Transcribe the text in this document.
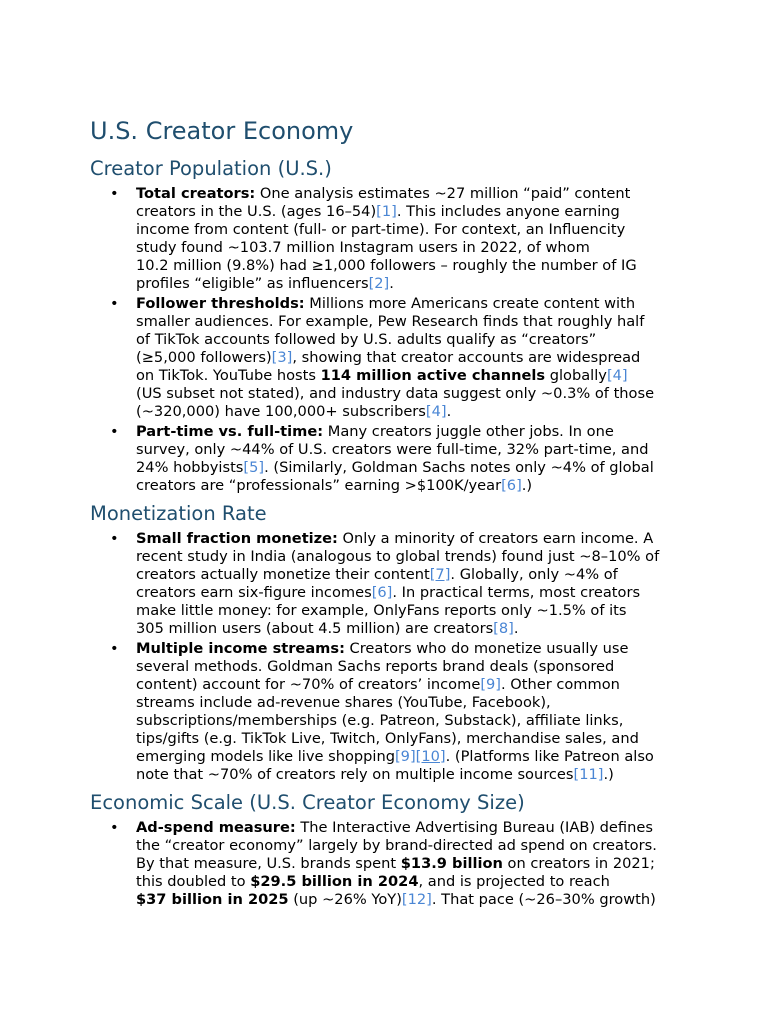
U.S. Creator Economy
Creator Population (U.S.)
• Total creators: One analysis estimates ~27 million “paid” content
creators in the U.S. (ages 16–54)[1]. This includes anyone earning
income from content (full- or part-time). For context, an Influencity
study found ~103.7 million Instagram users in 2022, of whom
10.2 million (9.8%) had ≥1,000 followers – roughly the number of IG
profiles “eligible” as influencers[2].
• Follower thresholds: Millions more Americans create content with
smaller audiences. For example, Pew Research finds that roughly half
of TikTok accounts followed by U.S. adults qualify as “creators”
(≥5,000 followers)[3], showing that creator accounts are widespread
on TikTok. YouTube hosts 114 million active channels globally[4]
(US subset not stated), and industry data suggest only ~0.3% of those
(~320,000) have 100,000+ subscribers[4].
• Part-time vs. full-time: Many creators juggle other jobs. In one
survey, only ~44% of U.S. creators were full-time, 32% part-time, and
24% hobbyists[5]. (Similarly, Goldman Sachs notes only ~4% of global
creators are “professionals” earning >$100K/year[6].)
Monetization Rate
• Small fraction monetize: Only a minority of creators earn income. A
recent study in India (analogous to global trends) found just ~8–10% of
creators actually monetize their content[7]. Globally, only ~4% of
creators earn six-figure incomes[6]. In practical terms, most creators
make little money: for example, OnlyFans reports only ~1.5% of its
305 million users (about 4.5 million) are creators[8].
• Multiple income streams: Creators who do monetize usually use
several methods. Goldman Sachs reports brand deals (sponsored
content) account for ~70% of creators’ income[9]. Other common
streams include ad-revenue shares (YouTube, Facebook),
subscriptions/memberships (e.g. Patreon, Substack), affiliate links,
tips/gifts (e.g. TikTok Live, Twitch, OnlyFans), merchandise sales, and
emerging models like live shopping[9][10]. (Platforms like Patreon also
note that ~70% of creators rely on multiple income sources[11].)
Economic Scale (U.S. Creator Economy Size)
• Ad-spend measure: The Interactive Advertising Bureau (IAB) defines
the “creator economy” largely by brand-directed ad spend on creators.
By that measure, U.S. brands spent $13.9 billion on creators in 2021;
this doubled to $29.5 billion in 2024, and is projected to reach
$37 billion in 2025 (up ~26% YoY)[12]. That pace (~26–30% growth)
